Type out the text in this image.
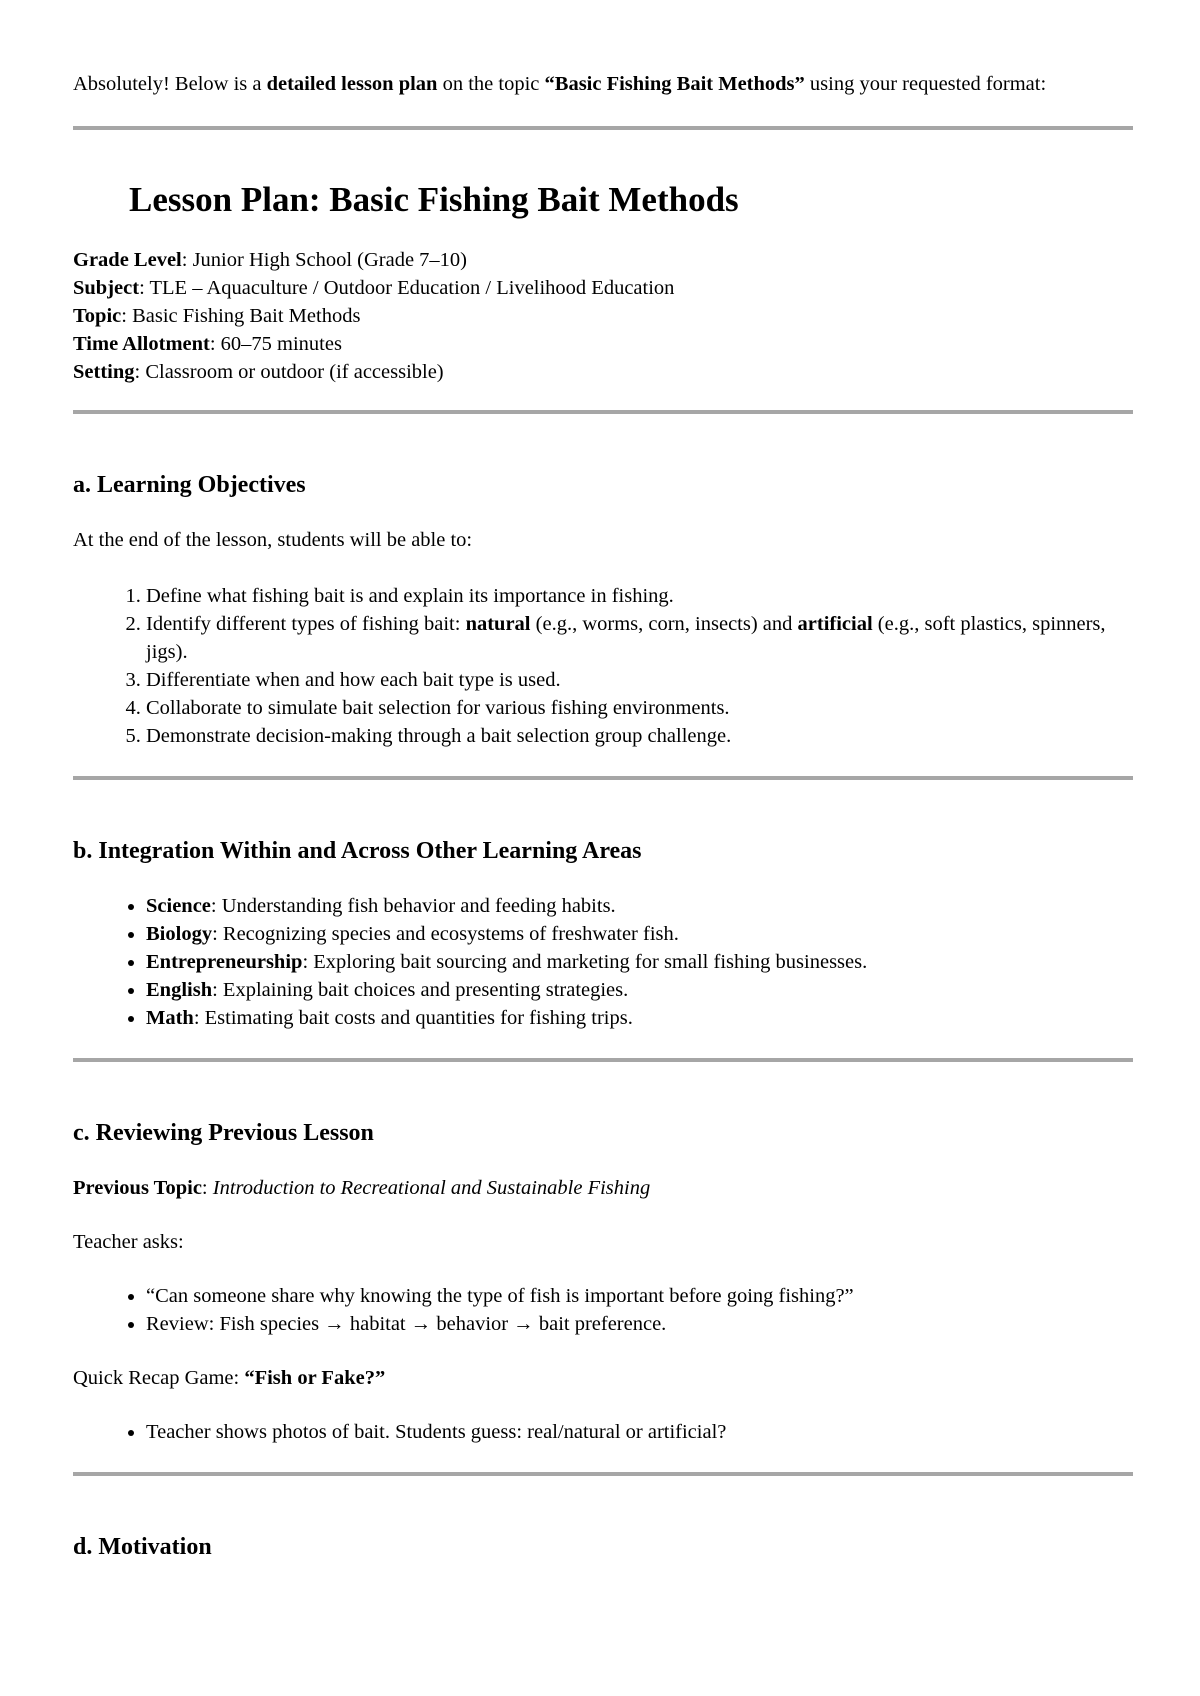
Absolutely! Below is a detailed lesson plan on the topic “Basic Fishing Bait Methods” using your requested format:

Lesson Plan: Basic Fishing Bait Methods
Grade Level: Junior High School (Grade 7–10)
Subject: TLE – Aquaculture / Outdoor Education / Livelihood Education
Topic: Basic Fishing Bait Methods
Time Allotment: 60–75 minutes
Setting: Classroom or outdoor (if accessible)
a. Learning Objectives

At the end of the lesson, students will be able to:

1. Define what fishing bait is and explain its importance in fishing.
2. Identify different types of fishing bait: natural (e.g., worms, corn, insects) and artificial (e.g., soft plastics, spinners, jigs).
3. Differentiate when and how each bait type is used.
4. Collaborate to simulate bait selection for various fishing environments.
5. Demonstrate decision-making through a bait selection group challenge.
b. Integration Within and Across Other Learning Areas
• Science: Understanding fish behavior and feeding habits.
• Biology: Recognizing species and ecosystems of freshwater fish.
• Entrepreneurship: Exploring bait sourcing and marketing for small fishing businesses.
• English: Explaining bait choices and presenting strategies.
• Math: Estimating bait costs and quantities for fishing trips.
c. Reviewing Previous Lesson

Previous Topic: Introduction to Recreational and Sustainable Fishing

Teacher asks:

• “Can someone share why knowing the type of fish is important before going fishing?”
• Review: Fish species → habitat → behavior → bait preference.

Quick Recap Game: “Fish or Fake?”

• Teacher shows photos of bait. Students guess: real/natural or artificial?
d. Motivation
